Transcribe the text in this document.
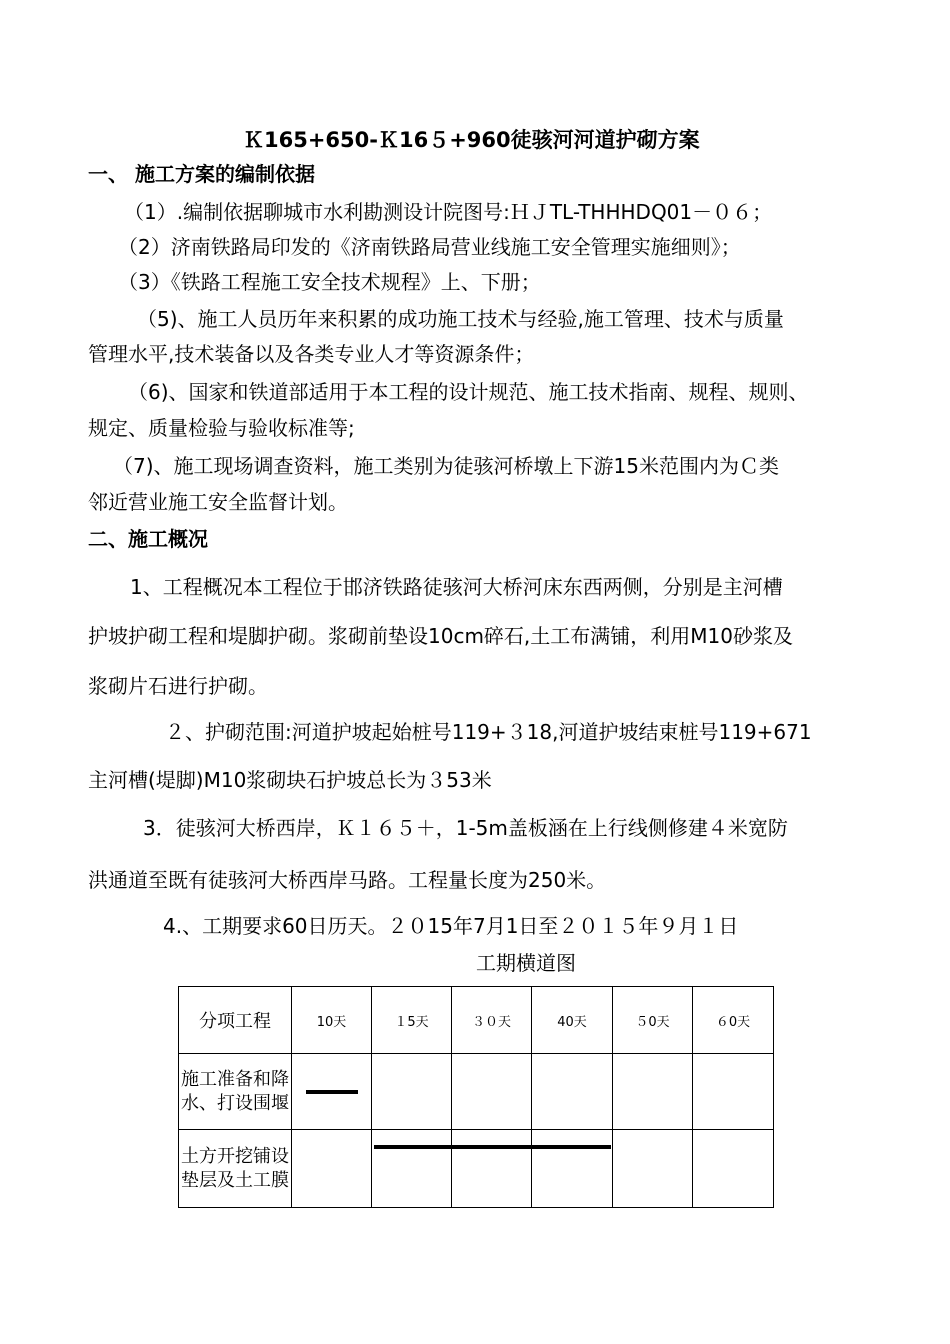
Ｋ165+650-Ｋ16５+960徒骇河河道护砌方案
一、 施工方案的编制依据
（1）.编制依据聊城市水利勘测设计院图号:ＨＪTL-THHHDQ01－０６；
（2）济南铁路局印发的《济南铁路局营业线施工安全管理实施细则》；
（3）《铁路工程施工安全技术规程》上、下册；
（5)、施工人员历年来积累的成功施工技术与经验,施工管理、技术与质量
管理水平,技术装备以及各类专业人才等资源条件；
（6)、国家和铁道部适用于本工程的设计规范、施工技术指南、规程、规则、
规定、质量检验与验收标准等;
（7)、施工现场调查资料，施工类别为徒骇河桥墩上下游15米范围内为Ｃ类
邻近营业施工安全监督计划。
二、施工概况
1、工程概况本工程位于邯济铁路徒骇河大桥河床东西两侧，分别是主河槽
护坡护砌工程和堤脚护砌。浆砌前垫设10cm碎石,土工布满铺，利用M10砂浆及
浆砌片石进行护砌。
２、护砌范围:河道护坡起始桩号119+３18,河道护坡结束桩号119+671
主河槽(堤脚)M10浆砌块石护坡总长为３53米
3．徒骇河大桥西岸，Ｋ１６５＋，1-5m盖板涵在上行线侧修建４米宽防
洪通道至既有徒骇河大桥西岸马路。工程量长度为250米。
4.、工期要求60日历天。２０15年7月1日至２０１５年９月１日
工期横道图
分项工程	10天	１5天	３０天	40天	５0天	６0天
施工准备和降水、打设围堰						
土方开挖铺设垫层及土工膜						
